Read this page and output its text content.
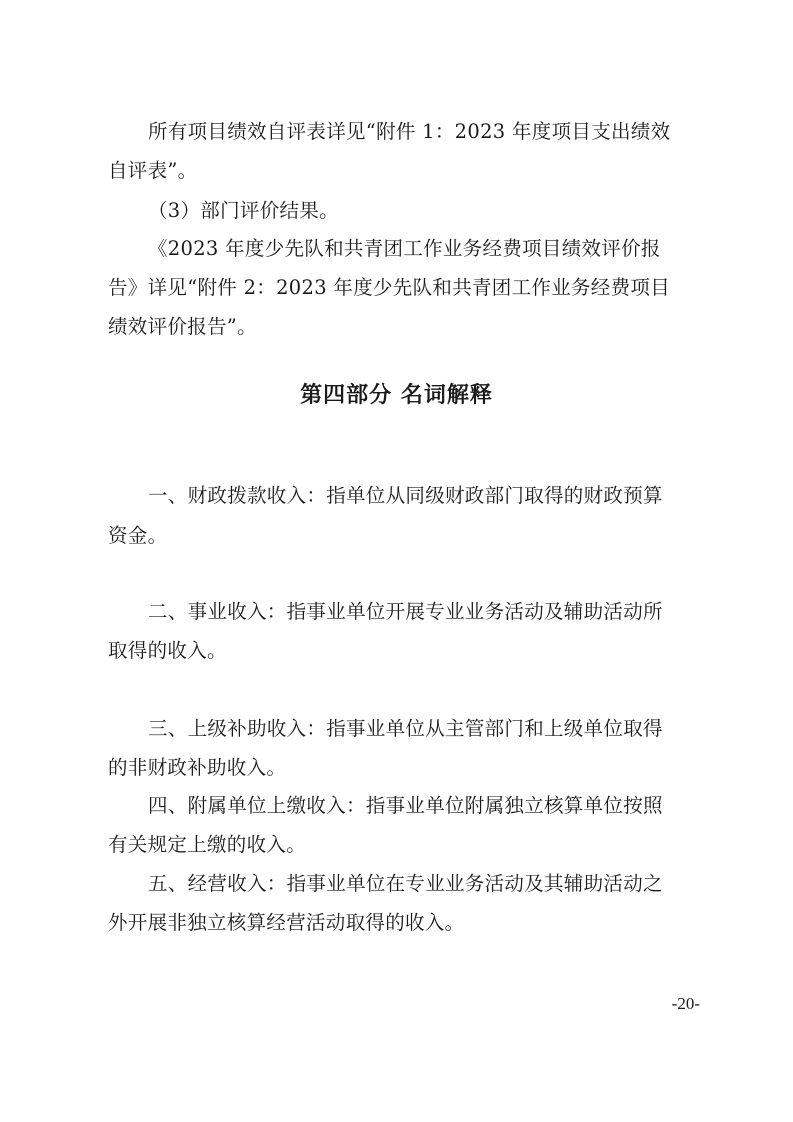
所有项目绩效自评表详见“附件 1：2023 年度项目支出绩效
自评表”。
（3）部门评价结果。
《2023 年度少先队和共青团工作业务经费项目绩效评价报
告》详见“附件 2：2023 年度少先队和共青团工作业务经费项目
绩效评价报告”。
第四部分 名词解释
一、财政拨款收入：指单位从同级财政部门取得的财政预算
资金。
二、事业收入：指事业单位开展专业业务活动及辅助活动所
取得的收入。
三、上级补助收入：指事业单位从主管部门和上级单位取得
的非财政补助收入。
四、附属单位上缴收入：指事业单位附属独立核算单位按照
有关规定上缴的收入。
五、经营收入：指事业单位在专业业务活动及其辅助活动之
外开展非独立核算经营活动取得的收入。
-20-
